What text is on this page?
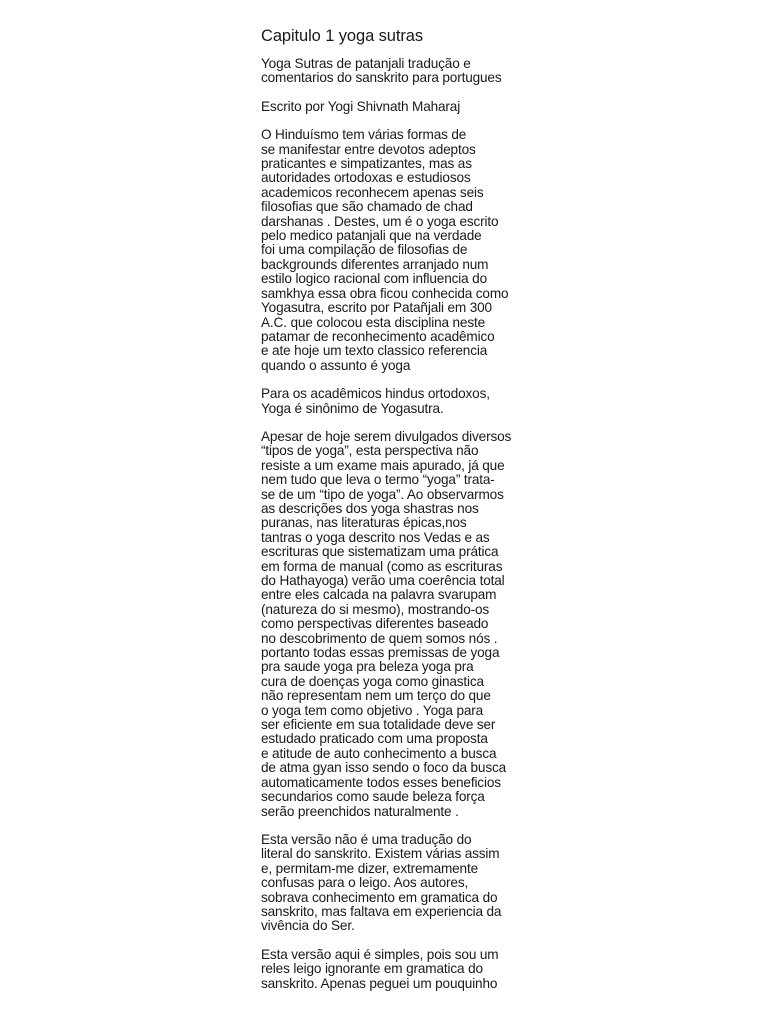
Capitulo 1 yoga sutras

Yoga Sutras de patanjali tradução e
comentarios do sanskrito para portugues

Escrito por Yogi Shivnath Maharaj

O Hinduísmo tem várias formas de
se manifestar entre devotos adeptos
praticantes e simpatizantes, mas as
autoridades ortodoxas e estudiosos
academicos reconhecem apenas seis
filosofias que são chamado de chad
darshanas . Destes, um é o yoga escrito
pelo medico patanjali que na verdade
foi uma compilação de filosofias de
backgrounds diferentes arranjado num
estilo logico racional com influencia do
samkhya essa obra ficou conhecida como
Yogasutra, escrito por Patañjali em 300
A.C. que colocou esta disciplina neste
patamar de reconhecimento acadêmico
e ate hoje um texto classico referencia
quando o assunto é yoga

Para os acadêmicos hindus ortodoxos,
Yoga é sinônimo de Yogasutra.

Apesar de hoje serem divulgados diversos
“tipos de yoga”, esta perspectiva não
resiste a um exame mais apurado, já que
nem tudo que leva o termo “yoga” trata-
se de um “tipo de yoga”. Ao observarmos
as descrições dos yoga shastras nos
puranas, nas literaturas épicas,nos
tantras o yoga descrito nos Vedas e as
escrituras que sistematizam uma prática
em forma de manual (como as escrituras
do Hathayoga) verão uma coerência total
entre eles calcada na palavra svarupam
(natureza do si mesmo), mostrando-os
como perspectivas diferentes baseado
no descobrimento de quem somos nós .
portanto todas essas premissas de yoga
pra saude yoga pra beleza yoga pra
cura de doenças yoga como ginastica
não representam nem um terço do que
o yoga tem como objetivo . Yoga para
ser eficiente em sua totalidade deve ser
estudado praticado com uma proposta
e atitude de auto conhecimento a busca
de atma gyan isso sendo o foco da busca
automaticamente todos esses beneficios
secundarios como saude beleza força
serão preenchidos naturalmente .

Esta versão não é uma tradução do
literal do sanskrito. Existem várias assim
e, permitam-me dizer, extremamente
confusas para o leigo. Aos autores,
sobrava conhecimento em gramatica do
sanskrito, mas faltava em experiencia da
vivência do Ser.

Esta versão aqui é simples, pois sou um
reles leigo ignorante em gramatica do
sanskrito. Apenas peguei um pouquinho
